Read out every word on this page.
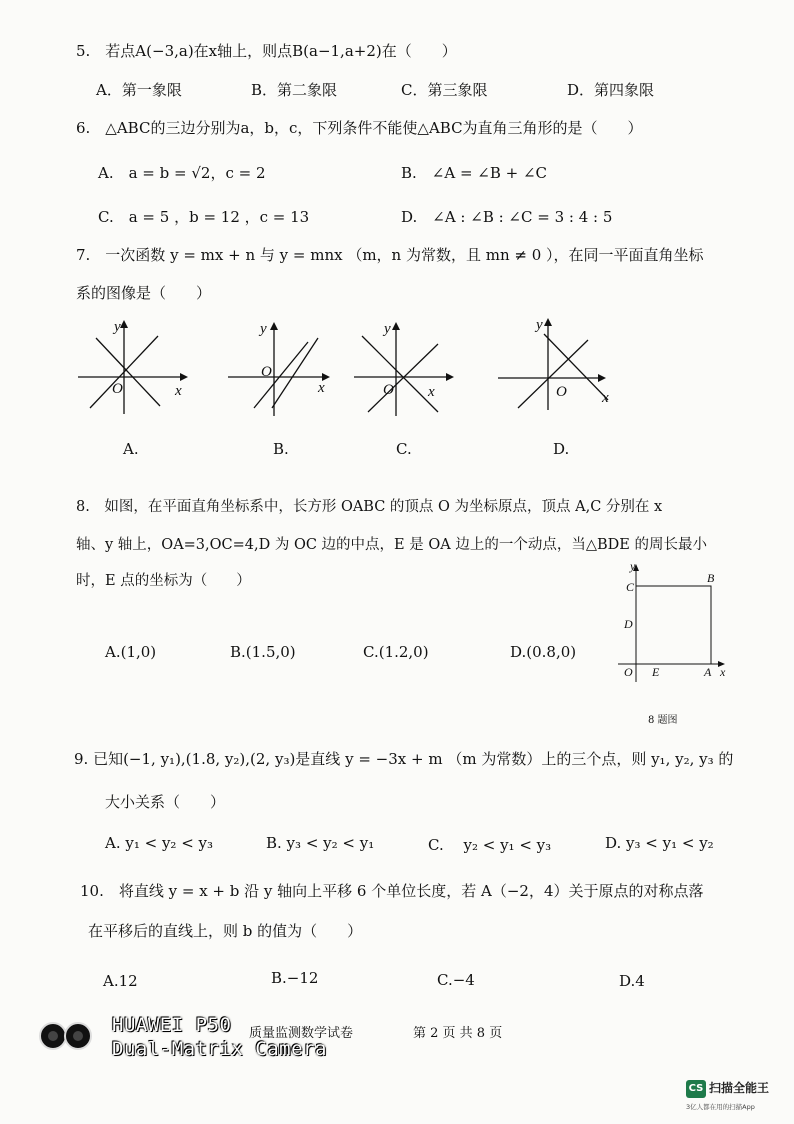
5.　若点A(−3,a)在x轴上，则点B(a−1,a+2)在（　　）
A．第一象限	B．第二象限	C．第三象限	D．第四象限
6.　△ABC的三边分别为a，b，c，下列条件不能使△ABC为直角三角形的是（　　）
A.　a = b = √2，c = 2	B.　∠A = ∠B + ∠C
C.　a = 5 ，b = 12 ，c = 13	D.　∠A : ∠B : ∠C = 3 : 4 : 5
7.　一次函数 y = mx + n 与 y = mnx （m，n 为常数，且 mn ≠ 0 ），在同一平面直角坐标
系的图像是（　　）
y
x
O
A.
y
x
O
B.
y
x
O
C.
y
x
O
D.
8.　如图，在平面直角坐标系中，长方形 OABC 的顶点 O 为坐标原点，顶点 A,C 分别在 x
轴、y 轴上，OA=3,OC=4,D 为 OC 边的中点，E 是 OA 边上的一个动点，当△BDE 的周长最小
时，E 点的坐标为（　　）
A.(1,0)	B.(1.5,0)	C.(1.2,0)	D.(0.8,0)
y
x
C
B
D
O E	A
8 题图
9. 已知(−1, y₁),(1.8, y₂),(2, y₃)是直线 y = −3x + m （m 为常数）上的三个点，则 y₁, y₂, y₃ 的
大小关系（　　）
A. y₁ < y₂ < y₃	B. y₃ < y₂ < y₁	C.　 y₂ < y₁ < y₃	D. y₃ < y₁ < y₂
10.　将直线 y = x + b 沿 y 轴向上平移 6 个单位长度，若 A（−2，4）关于原点的对称点落
在平移后的直线上，则 b 的值为（　　）
A.12	B.−12	C.−4	D.4
HUAWEI P50
Dual-Matrix Camera
质量监测数学试卷	第 2 页 共 8 页
CS 扫描全能王
3亿人都在用的扫描App
